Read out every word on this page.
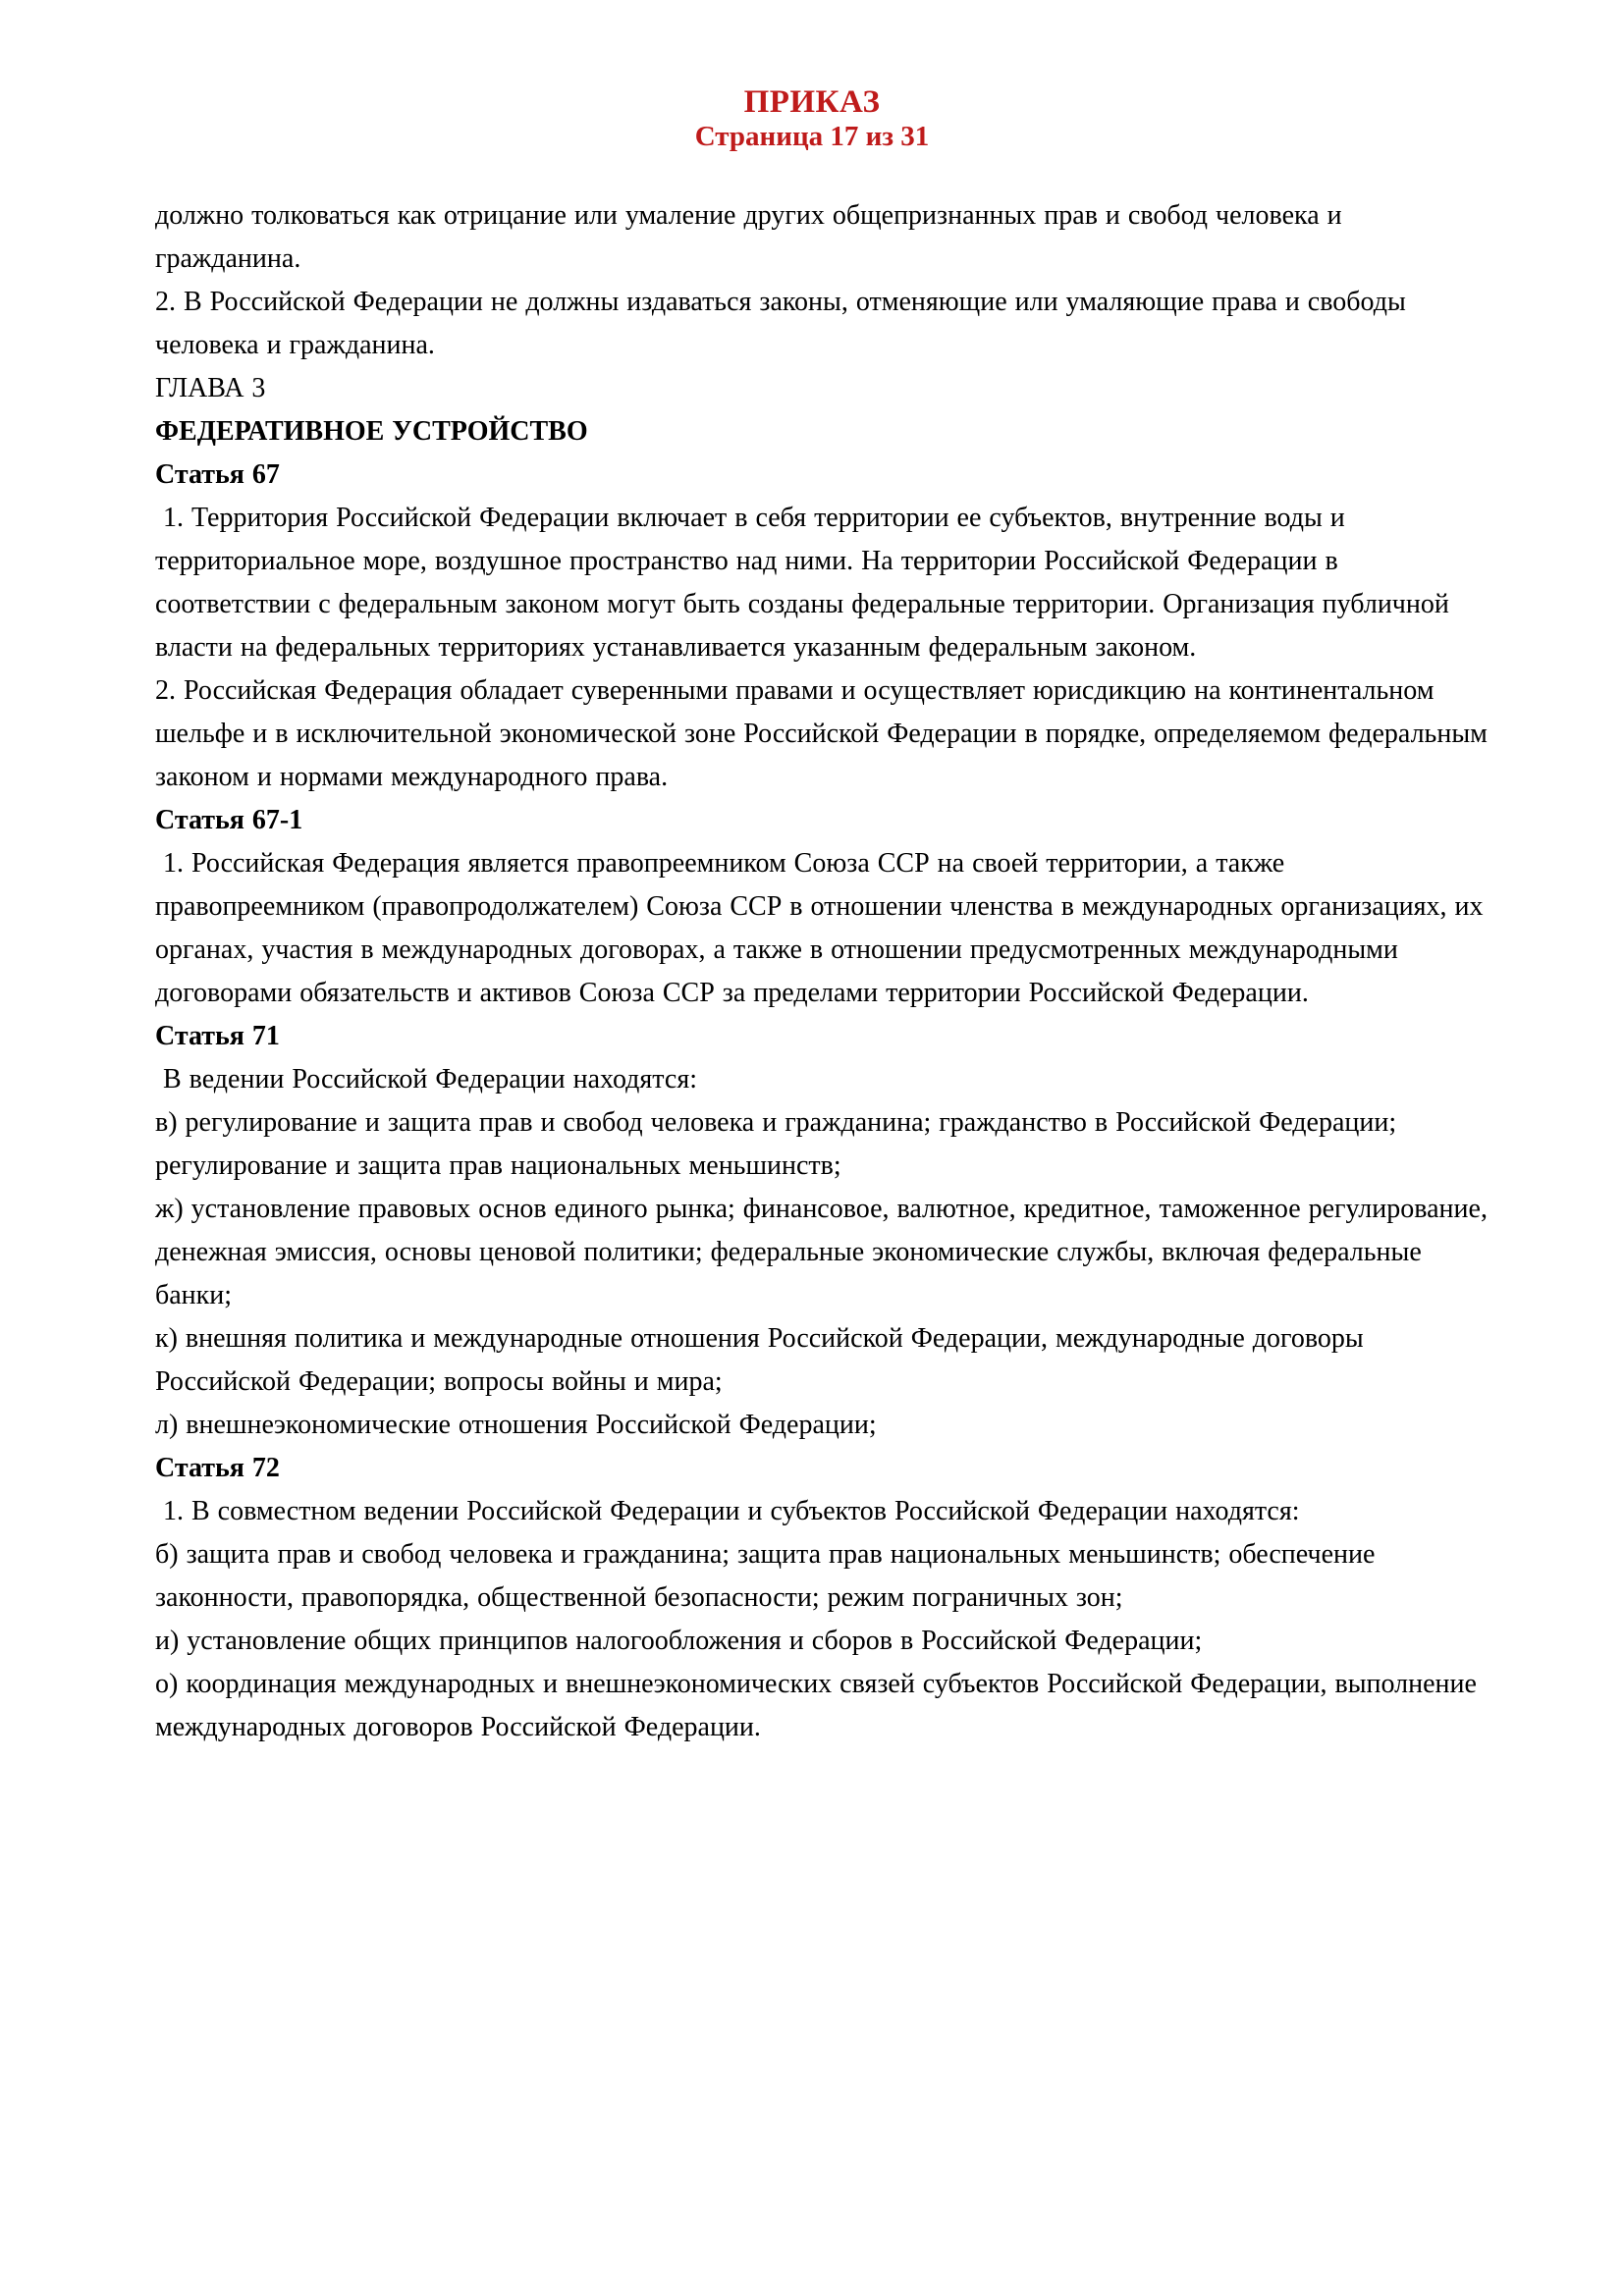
ПРИКАЗ
Страница 17 из 31

должно толковаться как отрицание или умаление других общепризнанных прав и свобод человека и гражданина.

2. В Российской Федерации не должны издаваться законы, отменяющие или умаляющие права и свободы человека и гражданина.

ГЛАВА 3

ФЕДЕРАТИВНОЕ УСТРОЙСТВО

Статья 67

1. Территория Российской Федерации включает в себя территории ее субъектов, внутренние воды и территориальное море, воздушное пространство над ними. На территории Российской Федерации в соответствии с федеральным законом могут быть созданы федеральные территории. Организация публичной власти на федеральных территориях устанавливается указанным федеральным законом.

2. Российская Федерация обладает суверенными правами и осуществляет юрисдикцию на континентальном шельфе и в исключительной экономической зоне Российской Федерации в порядке, определяемом федеральным законом и нормами международного права.

Статья 67-1

1. Российская Федерация является правопреемником Союза ССР на своей территории, а также правопреемником (правопродолжателем) Союза ССР в отношении членства в международных организациях, их органах, участия в международных договорах, а также в отношении предусмотренных международными договорами обязательств и активов Союза ССР за пределами территории Российской Федерации.

Статья 71

В ведении Российской Федерации находятся:

в) регулирование и защита прав и свобод человека и гражданина; гражданство в Российской Федерации; регулирование и защита прав национальных меньшинств;

ж) установление правовых основ единого рынка; финансовое, валютное, кредитное, таможенное регулирование, денежная эмиссия, основы ценовой политики; федеральные экономические службы, включая федеральные банки;

к) внешняя политика и международные отношения Российской Федерации, международные договоры Российской Федерации; вопросы войны и мира;

л) внешнеэкономические отношения Российской Федерации;

Статья 72

1. В совместном ведении Российской Федерации и субъектов Российской Федерации находятся:

б) защита прав и свобод человека и гражданина; защита прав национальных меньшинств; обеспечение законности, правопорядка, общественной безопасности; режим пограничных зон;

и) установление общих принципов налогообложения и сборов в Российской Федерации;

о) координация международных и внешнеэкономических связей субъектов Российской Федерации, выполнение международных договоров Российской Федерации.
